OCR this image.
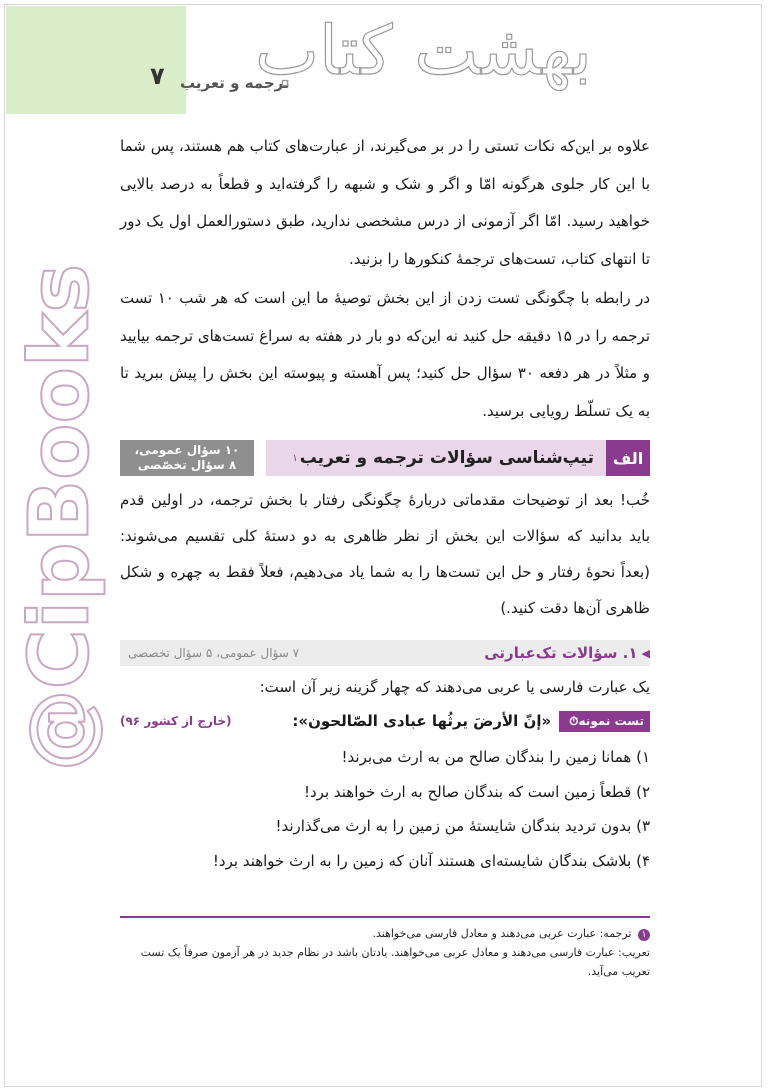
۷ ترجمه و تعریب
بهشت کتاب
@CipBooks

علاوه بر این‌که نکات تستی را در بر می‌گیرند، از عبارت‌های کتاب هم هستند، پس شما با این کار جلوی هرگونه امّا و اگر و شک و شبهه را گرفته‌اید و قطعاً به درصد بالایی خواهید رسید. امّا اگر آزمونی از درس مشخصی ندارید، طبق دستورالعمل اول یک دور تا انتهای کتاب، تست‌های ترجمهٔ کنکورها را بزنید.

در رابطه با چگونگی تست زدن از این بخش توصیهٔ ما این است که هر شب ۱۰ تست ترجمه را در ۱۵ دقیقه حل کنید نه این‌که دو بار در هفته به سراغ تست‌های ترجمه بیایید و مثلاً در هر دفعه ۳۰ سؤال حل کنید؛ پس آهسته و پیوسته این بخش را پیش ببرید تا به یک تسلّط رویایی برسید.

الف
تیپ‌شناسی سؤالات ترجمه و تعریب
۱
۱۰ سؤال عمومی،
۸ سؤال تخصّصی

خُب! بعد از توضیحات مقدماتی دربارهٔ چگونگی رفتار با بخش ترجمه، در اولین قدم باید بدانید که سؤالات این بخش از نظر ظاهری به دو دستهٔ کلی تقسیم می‌شوند: (بعداً نحوهٔ رفتار و حل این تست‌ها را به شما یاد می‌دهیم، فعلاً فقط به چهره و شکل ظاهری آن‌ها دقت کنید.)

◀
۱. سؤالات تک‌عبارتی
۷ سؤال عمومی، ۵ سؤال تخصصی
یک عبارت فارسی یا عربی می‌دهند که چهار گزینه زیر آن است:
تست نمونه
⏱
«إنّ الأرضَ یرثُها عبادی الصّالحون»:
(خارج از کشور ۹۶)
۱) همانا زمین را بندگان صالح من به ارث می‌برند!
۲) قطعاً زمین است که بندگان صالح به ارث خواهند برد!
۳) بدون تردید بندگان شایستهٔ من زمین را به ارث می‌گذارند!
۴) بلاشک بندگان شایسته‌ای هستند آنان که زمین را به ارث خواهند برد!
۱ ترجمه: عبارت عربی می‌دهند و معادل فارسی می‌خواهند.
تعریب: عبارت فارسی می‌دهند و معادل عربی می‌خواهند. یادتان باشد در نظام جدید در هر آزمون صرفاً یک تست تعریب می‌آید.
